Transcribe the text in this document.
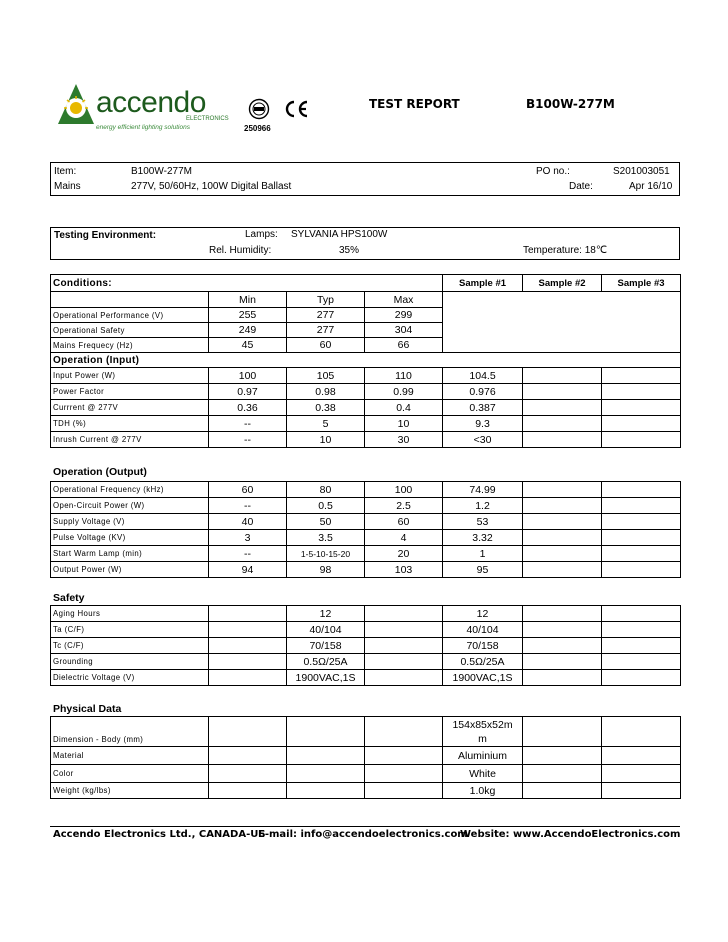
accendo
ELECTRONICS
energy efficient lighting solutions	250966
TEST REPORT	B100W-277M
Item:	B100W-277M
Mains	277V, 50/60Hz, 100W Digital Ballast
PO no.:	S201003051
Date:	Apr 16/10
Testing Environment:	Lamps: SYLVANIA HPS100W
Rel. Humidity:	35%	Temperature: 18℃
Conditions:				Sample #1	Sample #2	Sample #3
	Min	Typ	Max			
Operational Performance (V)	255	277	299			
Operational Safety	249	277	304			
Mains Frequecy (Hz)	45	60	66			
Operation (Input)						
Input Power (W)	100	105	110	104.5		
Power Factor	0.97	0.98	0.99	0.976		
Currrent @ 277V	0.36	0.38	0.4	0.387		
TDH (%)	--	5	10	9.3		
Inrush Current @ 277V	--	10	30	<30		
Operation (Output)
Operational Frequency (kHz)	60	80	100	74.99		
Open-Circuit Power (W)	--	0.5	2.5	1.2		
Supply Voltage (V)	40	50	60	53		
Pulse Voltage (KV)	3	3.5	4	3.32		
Start Warm Lamp (min)	--	1-5-10-15-20	20	1		
Output Power (W)	94	98	103	95		
Safety
Aging Hours		12		12		
Ta (C/F)		40/104		40/104		
Tc (C/F)		70/158		70/158		
Grounding		0.5Ω/25A		0.5Ω/25A		
Dielectric Voltage (V)		1900VAC,1S		1900VAC,1S		
Physical Data
Dimension - Body (mm)				154x85x52m
m		

Material				Aluminium		
Color				White		
Weight (kg/lbs)				1.0kg		
Accendo Electronics Ltd., CANADA-US
E-mail: info@accendoelectronics.com
Website: www.AccendoElectronics.com
